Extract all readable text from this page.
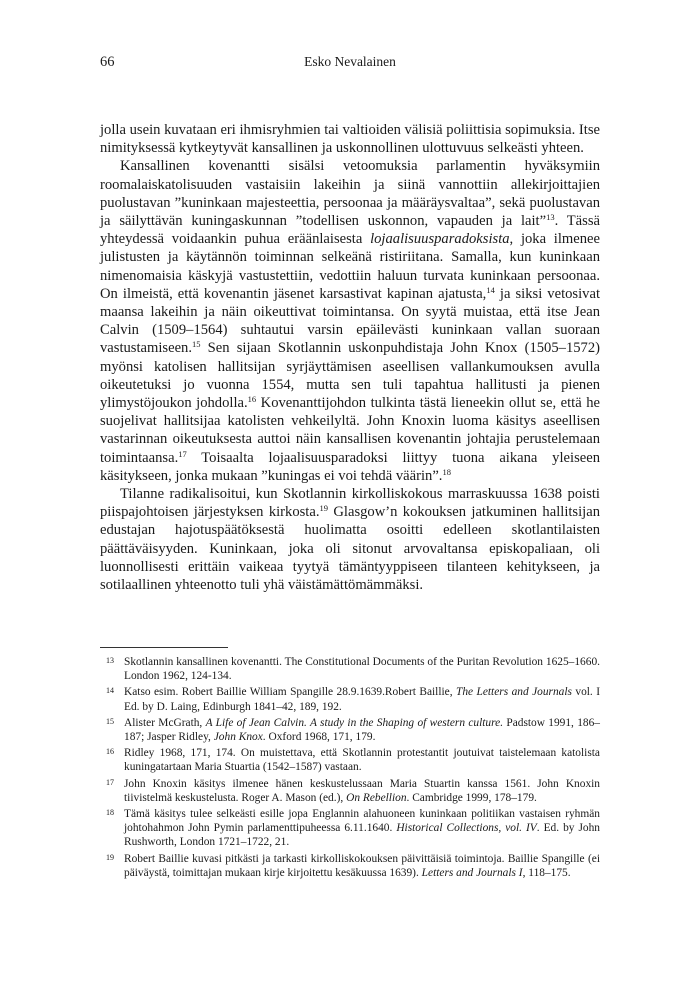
66	Esko Nevalainen

jolla usein kuvataan eri ihmisryhmien tai valtioiden välisiä poliittisia sopimuksia. Itse nimityksessä kytkeytyvät kansallinen ja uskonnollinen ulottuvuus selkeästi yhteen.

Kansallinen kovenantti sisälsi vetoomuksia parlamentin hyväksymiin roomalaiskatolisuuden vastaisiin lakeihin ja siinä vannottiin allekirjoittajien puolustavan ”kuninkaan majesteettia, persoonaa ja määräysvaltaa”, sekä puolustavan ja säilyttävän kuningaskunnan ”todellisen uskonnon, vapauden ja lait”$^{13}$. Tässä yhteydessä voidaankin puhua eräänlaisesta lojaalisuusparadoksista, joka ilmenee julistusten ja käytännön toiminnan selkeänä ristiriitana. Samalla, kun kuninkaan nimenomaisia käskyjä vastustettiin, vedottiin haluun turvata kuninkaan persoonaa. On ilmeistä, että kovenantin jäsenet karsastivat kapinan ajatusta,$^{14}$ ja siksi vetosivat maansa lakeihin ja näin oikeuttivat toimintansa. On syytä muistaa, että itse Jean Calvin (1509–1564) suhtautui varsin epäilevästi kuninkaan vallan suoraan vastustamiseen.$^{15}$ Sen sijaan Skotlannin uskonpuhdistaja John Knox (1505–1572) myönsi katolisen hallitsijan syrjäyttämisen aseellisen vallankumouksen avulla oikeutetuksi jo vuonna 1554, mutta sen tuli tapahtua hallitusti ja pienen ylimystöjoukon johdolla.$^{16}$ Kovenanttijohdon tulkinta tästä lieneekin ollut se, että he suojelivat hallitsijaa katolisten vehkeilyltä. John Knoxin luoma käsitys aseellisen vastarinnan oikeutuksesta auttoi näin kansallisen kovenantin johtajia perustelemaan toimintaansa.$^{17}$ Toisaalta lojaalisuusparadoksi liittyy tuona aikana yleiseen käsitykseen, jonka mukaan ”kuningas ei voi tehdä väärin”.$^{18}$

Tilanne radikalisoitui, kun Skotlannin kirkolliskokous marraskuussa 1638 poisti piispajohtoisen järjestyksen kirkosta.$^{19}$ Glasgow’n kokouksen jatkuminen hallitsijan edustajan hajotuspäätöksestä huolimatta osoitti edelleen skotlantilaisten päättäväisyyden. Kuninkaan, joka oli sitonut arvovaltansa episkopaliaan, oli luonnollisesti erittäin vaikeaa tyytyä tämäntyyppiseen tilanteen kehitykseen, ja sotilaallinen yhteenotto tuli yhä väistämättömämmäksi.

13 Skotlannin kansallinen kovenantti. The Constitutional Documents of the Puritan Revolution 1625–1660. London 1962, 124-134.
14 Katso esim. Robert Baillie William Spangille 28.9.1639.Robert Baillie, The Letters and Journals vol. I Ed. by D. Laing, Edinburgh 1841–42, 189, 192.
15 Alister McGrath, A Life of Jean Calvin. A study in the Shaping of western culture. Padstow 1991, 186–187; Jasper Ridley, John Knox. Oxford 1968, 171, 179.
16 Ridley 1968, 171, 174. On muistettava, että Skotlannin protestantit joutuivat taistelemaan katolista kuningatartaan Maria Stuartia (1542–1587) vastaan.
17 John Knoxin käsitys ilmenee hänen keskustelussaan Maria Stuartin kanssa 1561. John Knoxin tiivistelmä keskustelusta. Roger A. Mason (ed.), On Rebellion. Cambridge 1999, 178–179.
18 Tämä käsitys tulee selkeästi esille jopa Englannin alahuoneen kuninkaan politiikan vastaisen ryhmän johtohahmon John Pymin parlamenttipuheessa 6.11.1640. Historical Collections, vol. IV. Ed. by John Rushworth, London 1721–1722, 21.
19 Robert Baillie kuvasi pitkästi ja tarkasti kirkolliskokouksen päivittäisiä toimintoja. Baillie Spangille (ei päiväystä, toimittajan mukaan kirje kirjoitettu kesäkuussa 1639). Letters and Journals I, 118–175.
